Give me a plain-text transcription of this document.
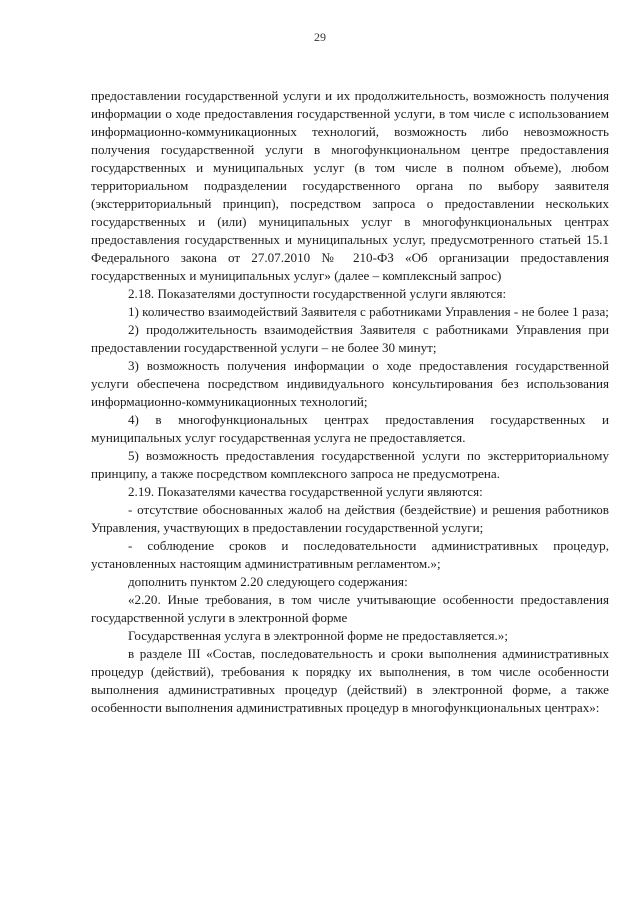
29

предоставлении государственной услуги и их продолжительность, возможность получения информации о ходе предоставления государственной услуги, в том числе с использованием информационно-коммуникационных технологий, возможность либо невозможность получения государственной услуги в многофункциональном центре предоставления государственных и муниципальных услуг (в том числе в полном объеме), любом территориальном подразделении государственного органа по выбору заявителя (экстерриториальный принцип), посредством запроса о предоставлении нескольких государственных и (или) муниципальных услуг в многофункциональных центрах предоставления государственных и муниципальных услуг, предусмотренного статьей 15.1 Федерального закона от 27.07.2010 № 210-ФЗ «Об организации предоставления государственных и муниципальных услуг» (далее – комплексный запрос)

2.18. Показателями доступности государственной услуги являются:

1) количество взаимодействий Заявителя с работниками Управления - не более 1 раза;

2) продолжительность взаимодействия Заявителя с работниками Управления при предоставлении государственной услуги – не более 30 минут;

3) возможность получения информации о ходе предоставления государственной услуги обеспечена посредством индивидуального консультирования без использования информационно-коммуникационных технологий;

4) в многофункциональных центрах предоставления государственных и муниципальных услуг государственная услуга не предоставляется.

5) возможность предоставления государственной услуги по экстерриториальному принципу, а также посредством комплексного запроса не предусмотрена.

2.19. Показателями качества государственной услуги являются:

- отсутствие обоснованных жалоб на действия (бездействие) и решения работников Управления, участвующих в предоставлении государственной услуги;

- соблюдение сроков и последовательности административных процедур, установленных настоящим административным регламентом.»;

дополнить пунктом 2.20 следующего содержания:

«2.20. Иные требования, в том числе учитывающие особенности предоставления государственной услуги в электронной форме

Государственная услуга в электронной форме не предоставляется.»;

в разделе III «Состав, последовательность и сроки выполнения административных процедур (действий), требования к порядку их выполнения, в том числе особенности выполнения административных процедур (действий) в электронной форме, а также особенности выполнения административных процедур в многофункциональных центрах»:
